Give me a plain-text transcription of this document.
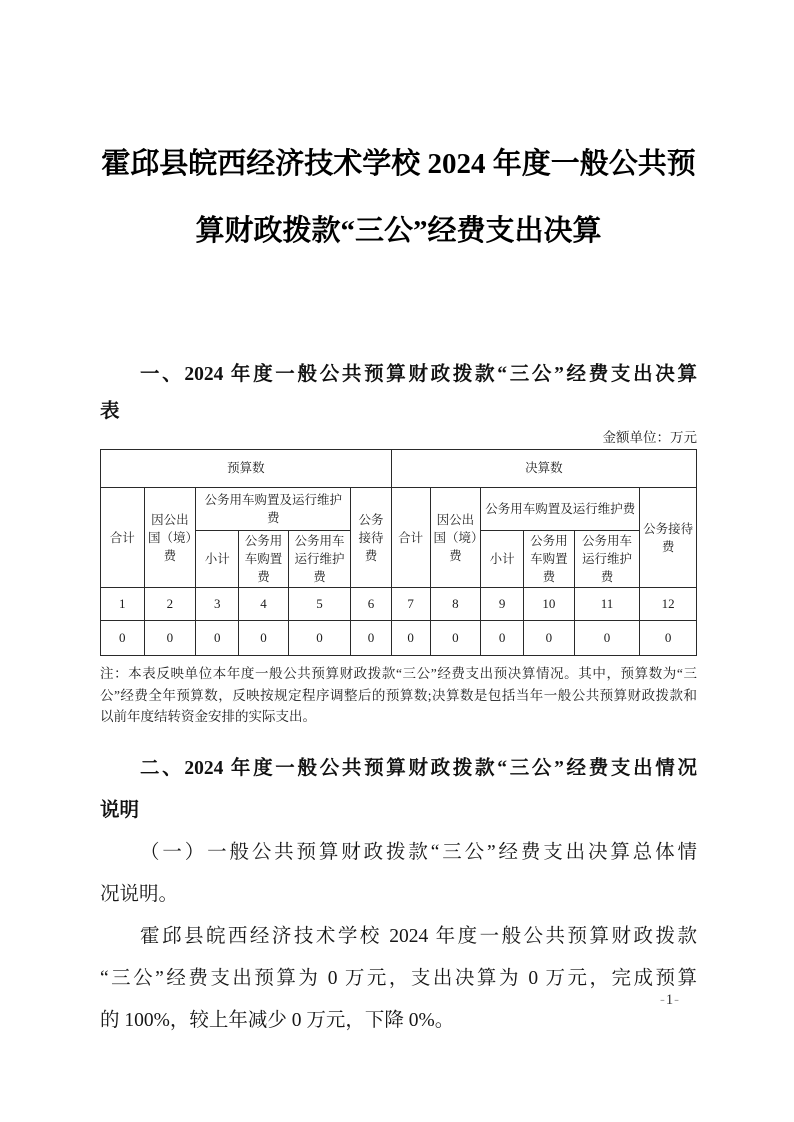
霍邱县皖西经济技术学校 2024 年度一般公共预
算财政拨款“三公”经费支出决算
一、2024 年度一般公共预算财政拨款“三公”经费支出决算
表
金额单位：万元
预算数						决算数					
合计	因公出国（境）费	公务用车购置及运行维护费			公务接待费	合计	因公出国（境）费	公务用车购置及运行维护费			公务接待费
		小计	公务用车购置费	公务用车运行维护费				小计	公务用车购置费	公务用车运行维护费	
1	2	3	4	5	6	7	8	9	10	11	12
0	0	0	0	0	0	0	0	0	0	0	0
注：本表反映单位本年度一般公共预算财政拨款“三公”经费支出预决算情况。其中，预算数为“三
公”经费全年预算数，反映按规定程序调整后的预算数;决算数是包括当年一般公共预算财政拨款和
以前年度结转资金安排的实际支出。
二、2024 年度一般公共预算财政拨款“三公”经费支出情况
说明
（一）一般公共预算财政拨款“三公”经费支出决算总体情
况说明。
霍邱县皖西经济技术学校 2024 年度一般公共预算财政拨款
“三公”经费支出预算为 0 万元，支出决算为 0 万元，完成预算
的 100%，较上年减少 0 万元，下降 0%。
-1-
